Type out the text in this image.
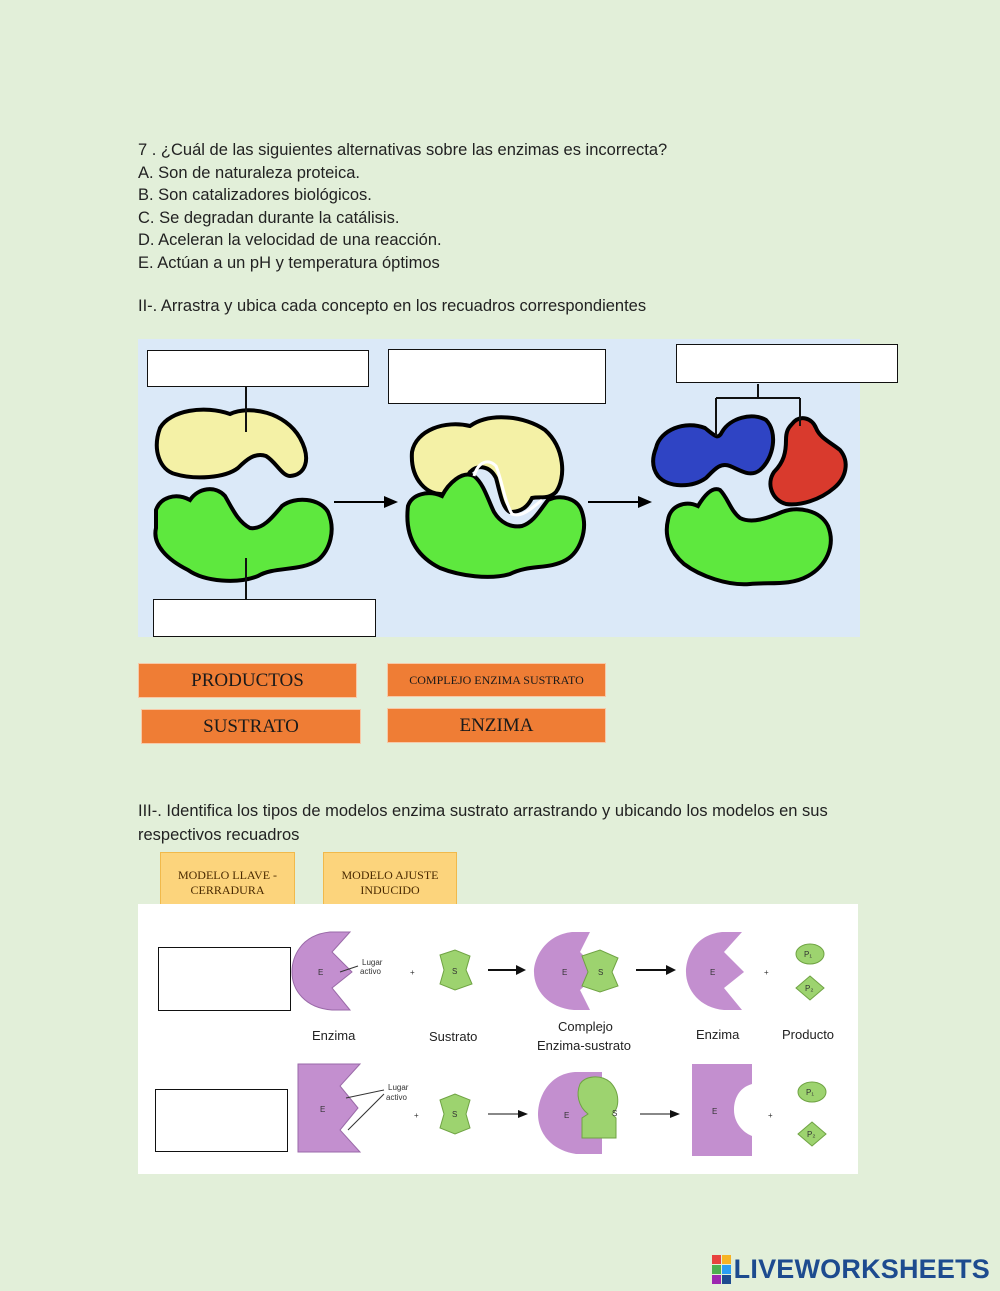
7 . ¿Cuál de las siguientes alternativas sobre las enzimas es incorrecta?
A. Son de naturaleza proteica.
B. Son catalizadores biológicos.
C. Se degradan durante la catálisis.
D. Aceleran la velocidad de una reacción.
E. Actúan a un pH y temperatura óptimos
II-. Arrastra y ubica cada concepto en los recuadros correspondientes
PRODUCTOS	COMPLEJO ENZIMA SUSTRATO
SUSTRATO	ENZIMA
III-. Identifica los tipos de modelos enzima sustrato arrastrando y ubicando los modelos en sus
respectivos recuadros
MODELO LLAVE - CERRADURA
MODELO AJUSTE INDUCIDO
E
Lugar
activo	+	S	E	S	E	+
P₁
P₂
Enzima	Sustrato
Complejo
Enzima-sustrato
Enzima	Producto
E
Lugar
activo
+	S	E	S	E	+
P₁
P₂
LIVEWORKSHEETS
